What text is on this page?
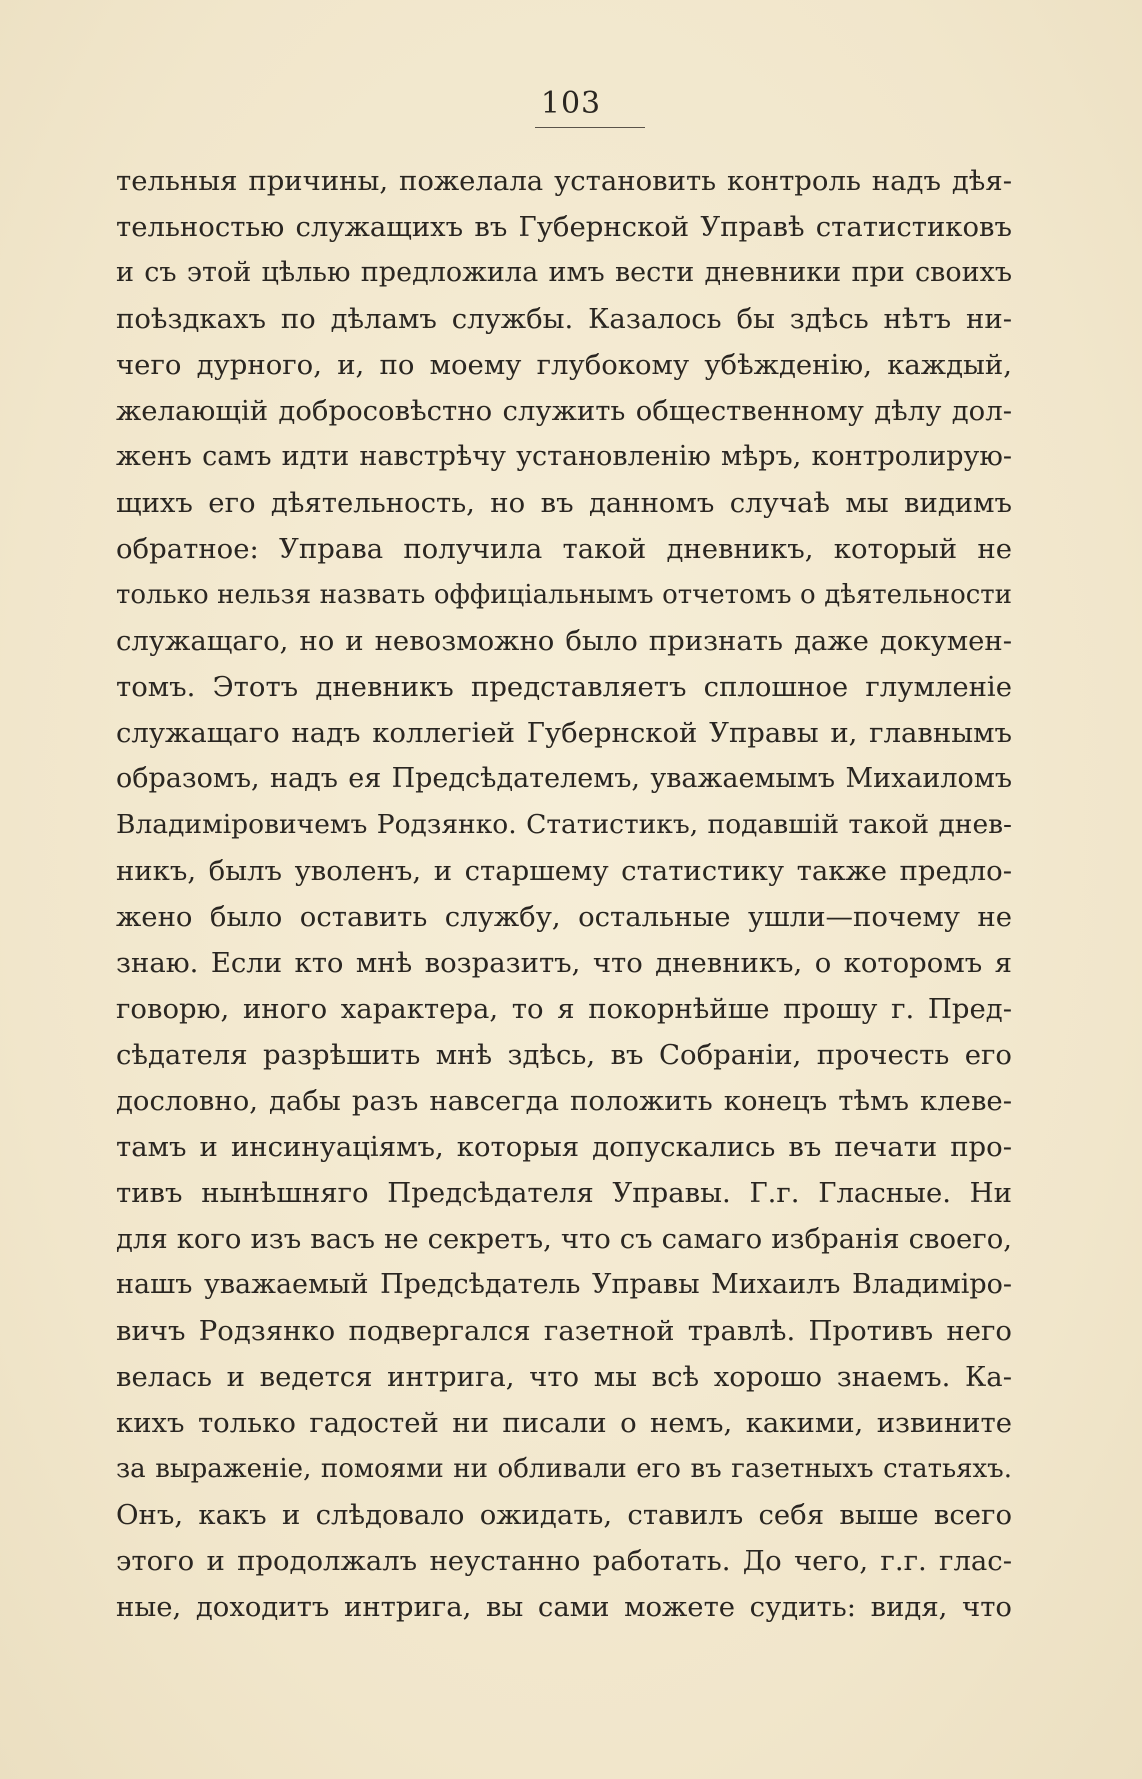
103
тельныя причины, пожелала установить контроль надъ дѣя-
тельностью служащихъ въ Губернской Управѣ статистиковъ
и съ этой цѣлью предложила имъ вести дневники при своихъ
поѣздкахъ по дѣламъ службы. Казалось бы здѣсь нѣтъ ни-
чего дурного, и, по моему глубокому убѣжденію, каждый,
желающій добросовѣстно служить общественному дѣлу дол-
женъ самъ идти навстрѣчу установленію мѣръ, контролирую-
щихъ его дѣятельность, но въ данномъ случаѣ мы видимъ
обратное: Управа получила такой дневникъ, который не
только нельзя назвать оффиціальнымъ отчетомъ о дѣятельности
служащаго, но и невозможно было признать даже докумен-
томъ. Этотъ дневникъ представляетъ сплошное глумленіе
служащаго надъ коллегіей Губернской Управы и, главнымъ
образомъ, надъ ея Предсѣдателемъ, уважаемымъ Михаиломъ
Владиміровичемъ Родзянко. Статистикъ, подавшій такой днев-
никъ, былъ уволенъ, и старшему статистику также предло-
жено было оставить службу, остальные ушли—почему не
знаю. Если кто мнѣ возразитъ, что дневникъ, о которомъ я
говорю, иного характера, то я покорнѣйше прошу г. Пред-
сѣдателя разрѣшить мнѣ здѣсь, въ Собраніи, прочесть его
дословно, дабы разъ навсегда положить конецъ тѣмъ клеве-
тамъ и инсинуаціямъ, которыя допускались въ печати про-
тивъ нынѣшняго Предсѣдателя Управы. Г.г. Гласные. Ни
для кого изъ васъ не секретъ, что съ самаго избранія своего,
нашъ уважаемый Предсѣдатель Управы Михаилъ Владиміро-
вичъ Родзянко подвергался газетной травлѣ. Противъ него
велась и ведется интрига, что мы всѣ хорошо знаемъ. Ка-
кихъ только гадостей ни писали о немъ, какими, извините
за выраженіе, помоями ни обливали его въ газетныхъ статьяхъ.
Онъ, какъ и слѣдовало ожидать, ставилъ себя выше всего
этого и продолжалъ неустанно работать. До чего, г.г. глас-
ные, доходитъ интрига, вы сами можете судить: видя, что
